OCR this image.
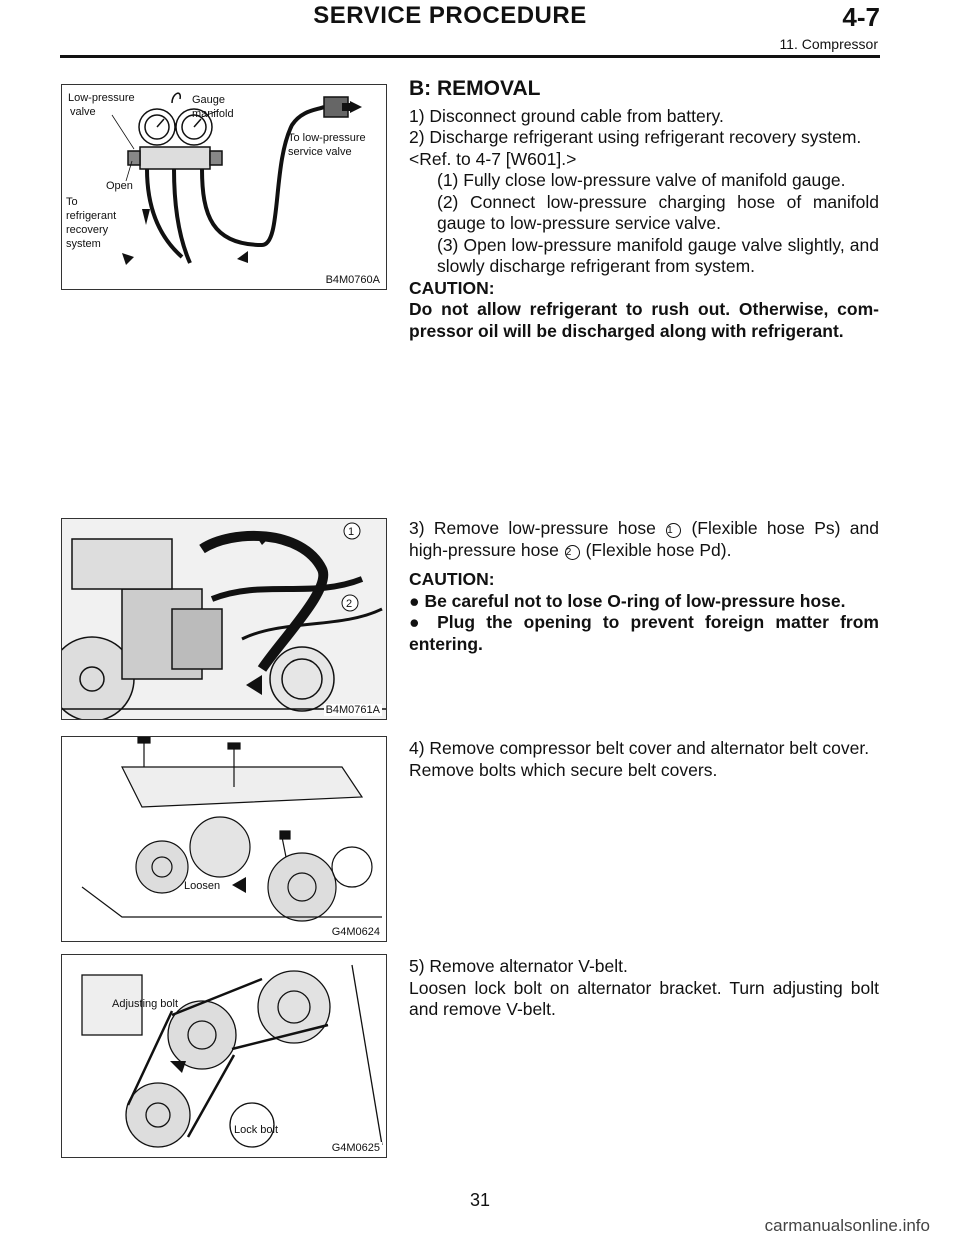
SERVICE PROCEDURE	4-7
11. Compressor
Low-pressure
valve
Gauge
manifold
To low-pressure
service valve
Open
To
refrigerant
recovery
system
B4M0760A
1
2
B4M0761A
Loosen
G4M0624
Adjusting bolt
Lock bolt
G4M0625

B: REMOVAL

1) Disconnect ground cable from battery.

2) Discharge refrigerant using refrigerant recovery system.

<Ref. to 4-7 [W601].>

(1) Fully close low-pressure valve of manifold gauge.

(2) Connect low-pressure charging hose of manifold gauge to low-pressure service valve.

(3) Open low-pressure manifold gauge valve slightly, and slowly discharge refrigerant from system.

CAUTION:

Do not allow refrigerant to rush out. Otherwise, com-pressor oil will be discharged along with refrigerant.

3) Remove low-pressure hose 1 (Flexible hose Ps) and high-pressure hose 2 (Flexible hose Pd).

CAUTION:

● Be careful not to lose O-ring of low-pressure hose.

● Plug the opening to prevent foreign matter from entering.

4) Remove compressor belt cover and alternator belt cover.

Remove bolts which secure belt covers.

5) Remove alternator V-belt.

Loosen lock bolt on alternator bracket. Turn adjusting bolt and remove V-belt.

31
carmanualsonline.info
